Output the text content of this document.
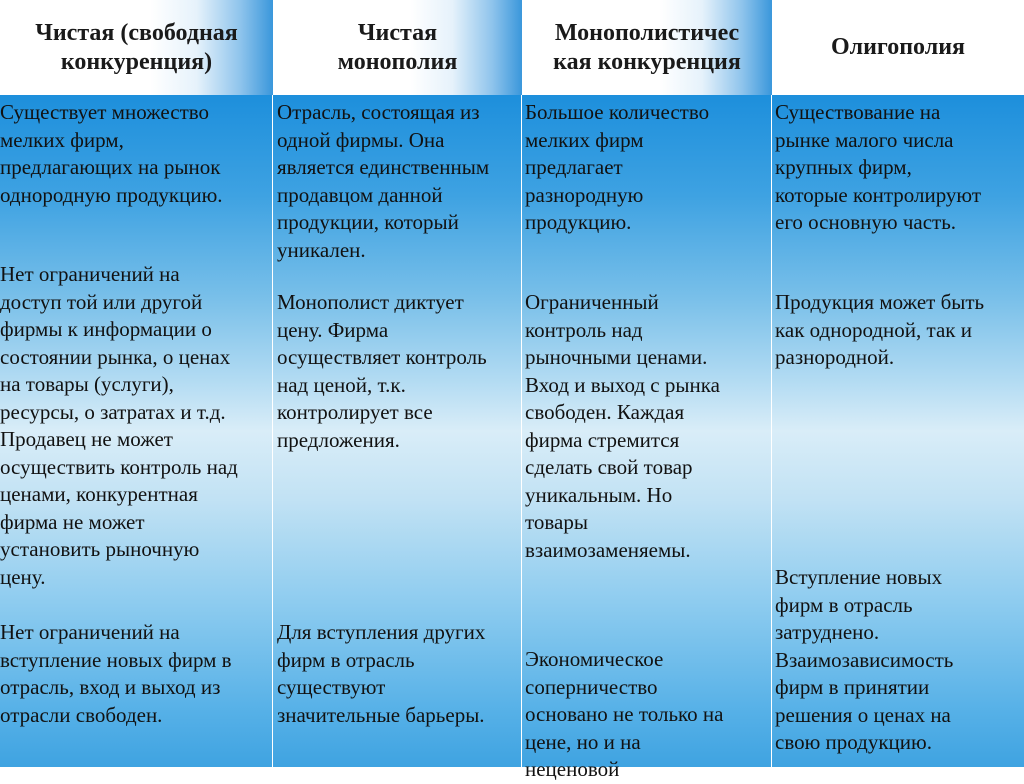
Чистая (свободная
конкуренция)
Чистая
монополия
Монополистичес
кая конкуренция
Олигополия
Существует множество
мелких фирм,
предлагающих на рынок
однородную продукцию.
Нет ограничений на
доступ той или другой
фирмы к информации о
состоянии рынка, о ценах
на товары (услуги),
ресурсы, о затратах и т.д.
Продавец не может
осуществить контроль над
ценами, конкурентная
фирма не может
установить рыночную
цену.
Нет ограничений на
вступление новых фирм в
отрасль, вход и выход из
отрасли свободен.
Отрасль, состоящая из
одной фирмы. Она
является единственным
продавцом данной
продукции, который
уникален.
Монополист диктует
цену. Фирма
осуществляет контроль
над ценой, т.к.
контролирует все
предложения.
Для вступления других
фирм в отрасль
существуют
значительные барьеры.
Большое количество
мелких фирм
предлагает
разнородную
продукцию.
Ограниченный
контроль над
рыночными ценами.
Вход и выход с рынка
свободен. Каждая
фирма стремится
сделать свой товар
уникальным. Но
товары
взаимозаменяемы.
Экономическое
соперничество
основано не только на
цене, но и на
неценовой
Существование на
рынке малого числа
крупных фирм,
которые контролируют
его основную часть.
Продукция может быть
как однородной, так и
разнородной.
Вступление новых
фирм в отрасль
затруднено.
Взаимозависимость
фирм в принятии
решения о ценах на
свою продукцию.
